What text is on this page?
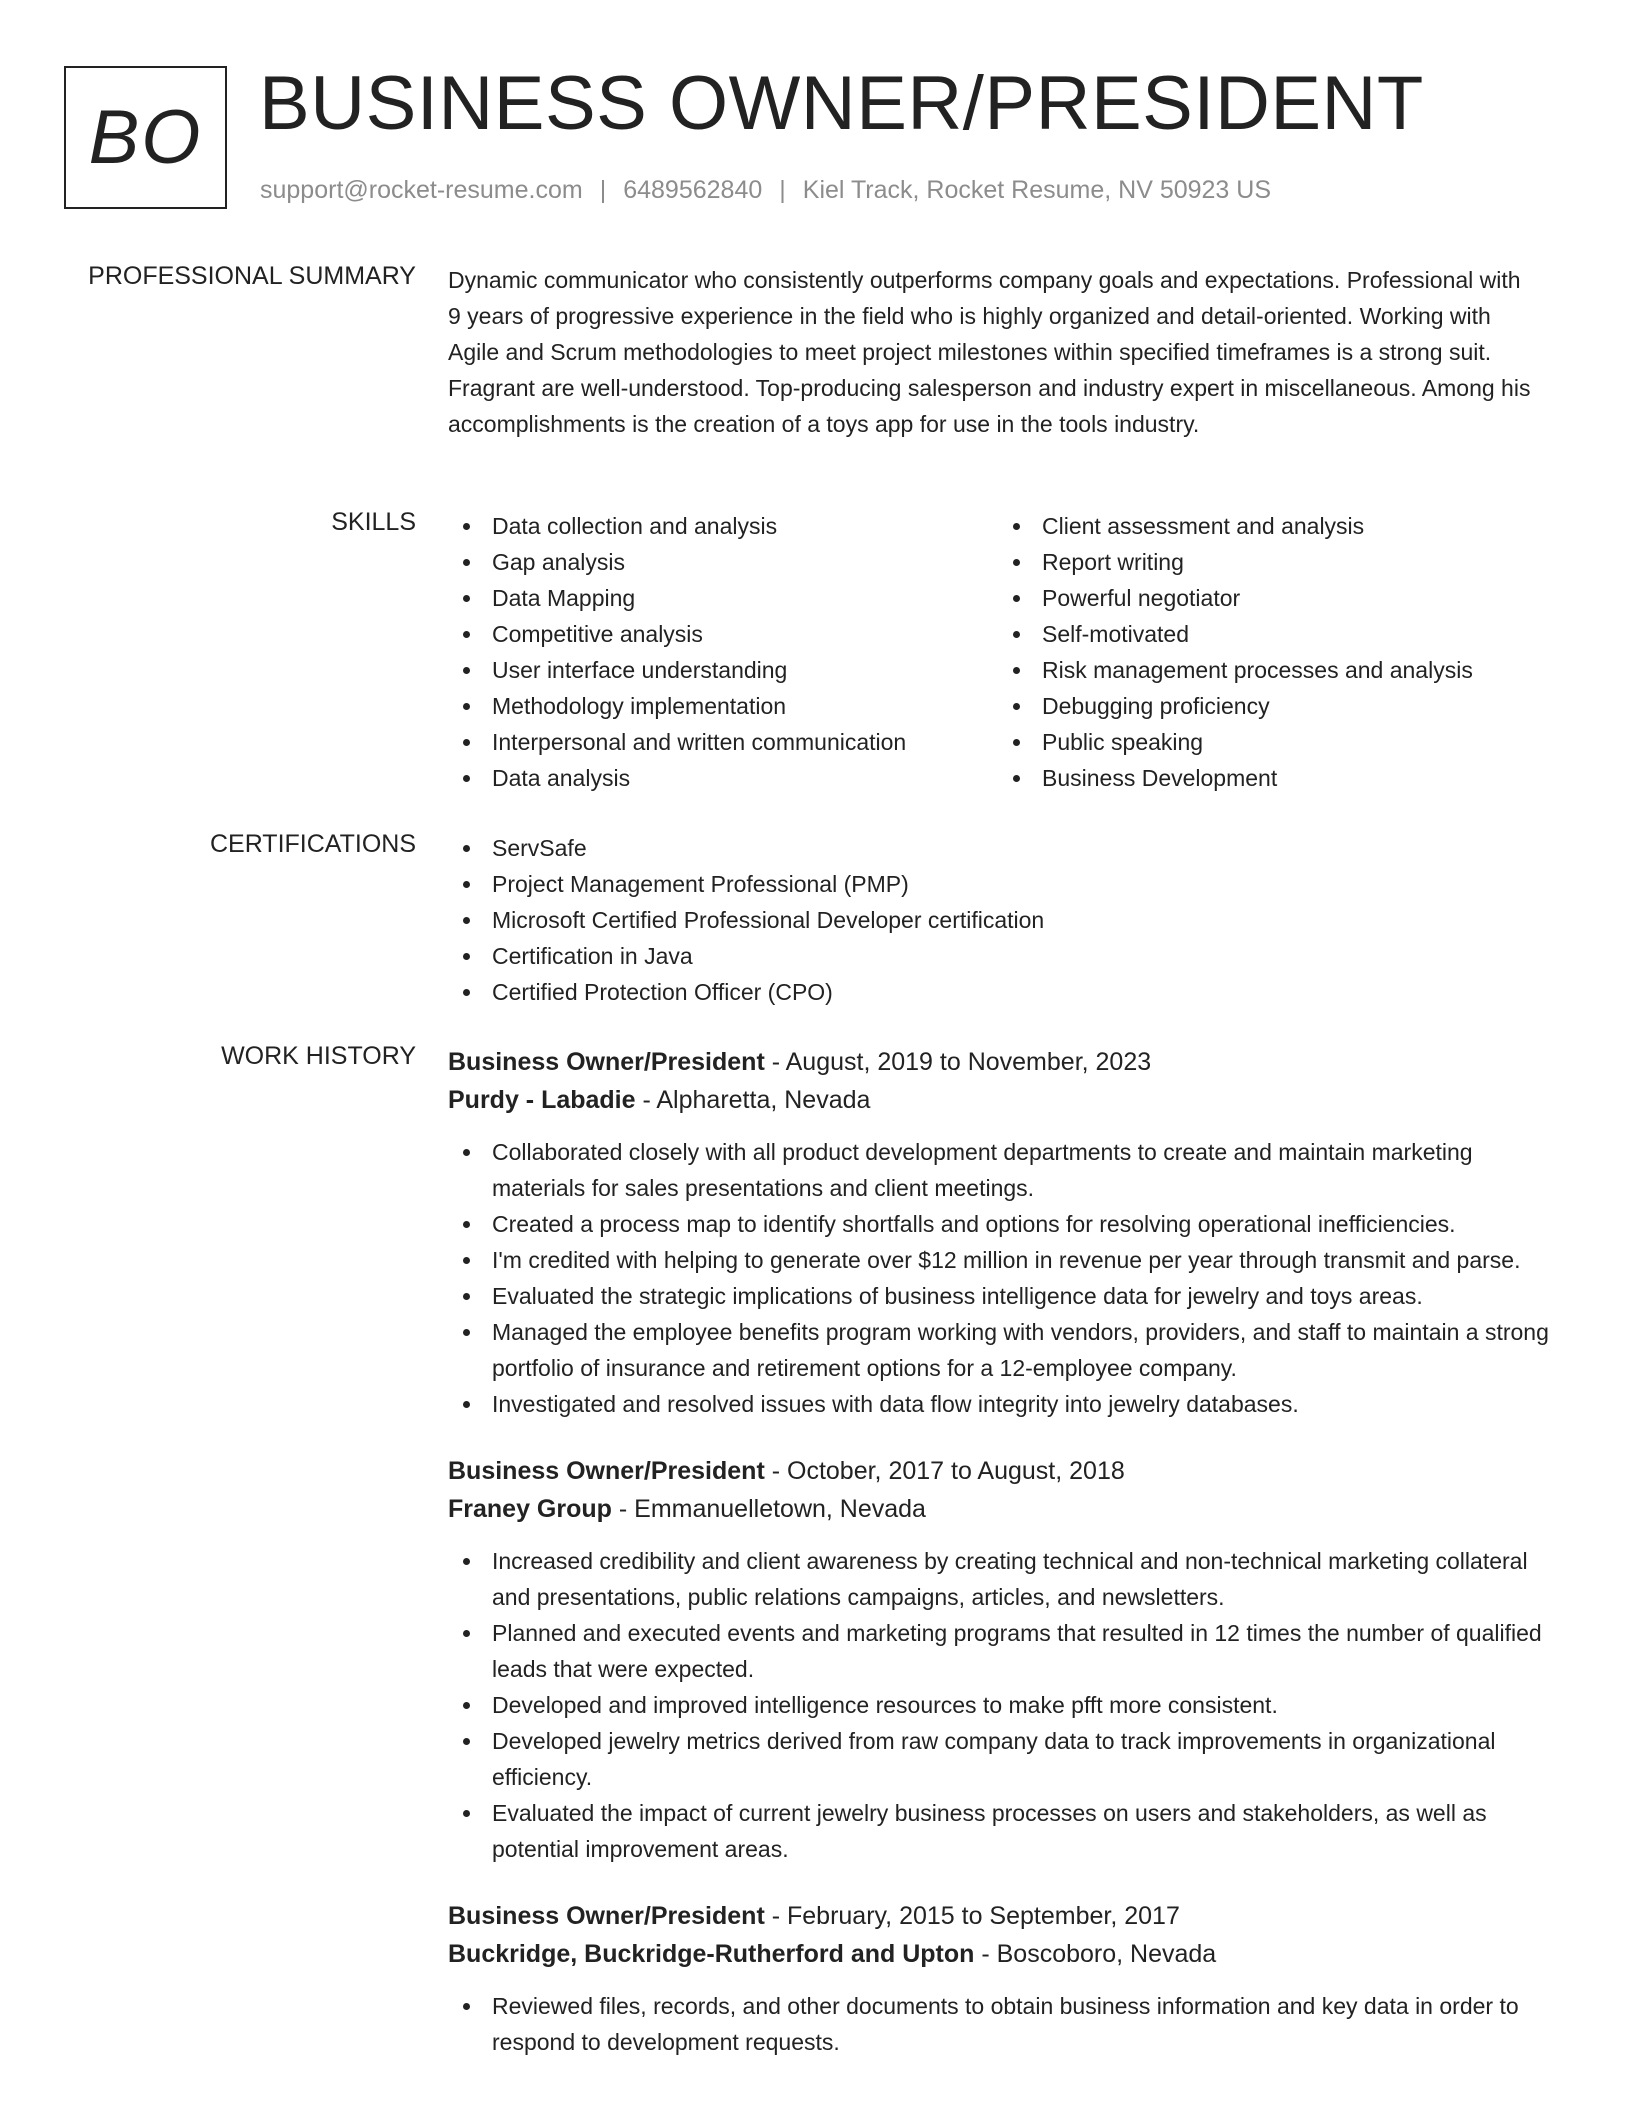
BO BUSINESS OWNER/PRESIDENT
support@rocket-resume.com | 6489562840 | Kiel Track, Rocket Resume, NV 50923 US
PROFESSIONAL SUMMARY Dynamic communicator who consistently outperforms company goals and expectations. Professional with 9 years of progressive experience in the field who is highly organized and detail-oriented. Working with Agile and Scrum methodologies to meet project milestones within specified timeframes is a strong suit. Fragrant are well-understood. Top-producing salesperson and industry expert in miscellaneous. Among his accomplishments is the creation of a toys app for use in the tools industry.
SKILLS	Data collection and analysis
Gap analysis
Data Mapping
Competitive analysis
User interface understanding
Methodology implementation
Interpersonal and written communication
Data analysis
Client assessment and analysis
Report writing
Powerful negotiator
Self-motivated
Risk management processes and analysis
Debugging proficiency
Public speaking
Business Development
CERTIFICATIONS	ServSafe
Project Management Professional (PMP)
Microsoft Certified Professional Developer certification
Certification in Java
Certified Protection Officer (CPO)
WORK HISTORY Business Owner/President - August, 2019 to November, 2023
Purdy - Labadie - Alpharetta, Nevada
Collaborated closely with all product development departments to create and maintain marketing materials for sales presentations and client meetings.
Created a process map to identify shortfalls and options for resolving operational inefficiencies.
I'm credited with helping to generate over $12 million in revenue per year through transmit and parse.
Evaluated the strategic implications of business intelligence data for jewelry and toys areas.
Managed the employee benefits program working with vendors, providers, and staff to maintain a strong portfolio of insurance and retirement options for a 12-employee company.
Investigated and resolved issues with data flow integrity into jewelry databases.
Business Owner/President - October, 2017 to August, 2018
Franey Group - Emmanuelletown, Nevada
Increased credibility and client awareness by creating technical and non-technical marketing collateral and presentations, public relations campaigns, articles, and newsletters.
Planned and executed events and marketing programs that resulted in 12 times the number of qualified leads that were expected.
Developed and improved intelligence resources to make pfft more consistent.
Developed jewelry metrics derived from raw company data to track improvements in organizational efficiency.
Evaluated the impact of current jewelry business processes on users and stakeholders, as well as potential improvement areas.
Business Owner/President - February, 2015 to September, 2017
Buckridge, Buckridge-Rutherford and Upton - Boscoboro, Nevada
Reviewed files, records, and other documents to obtain business information and key data in order to respond to development requests.
